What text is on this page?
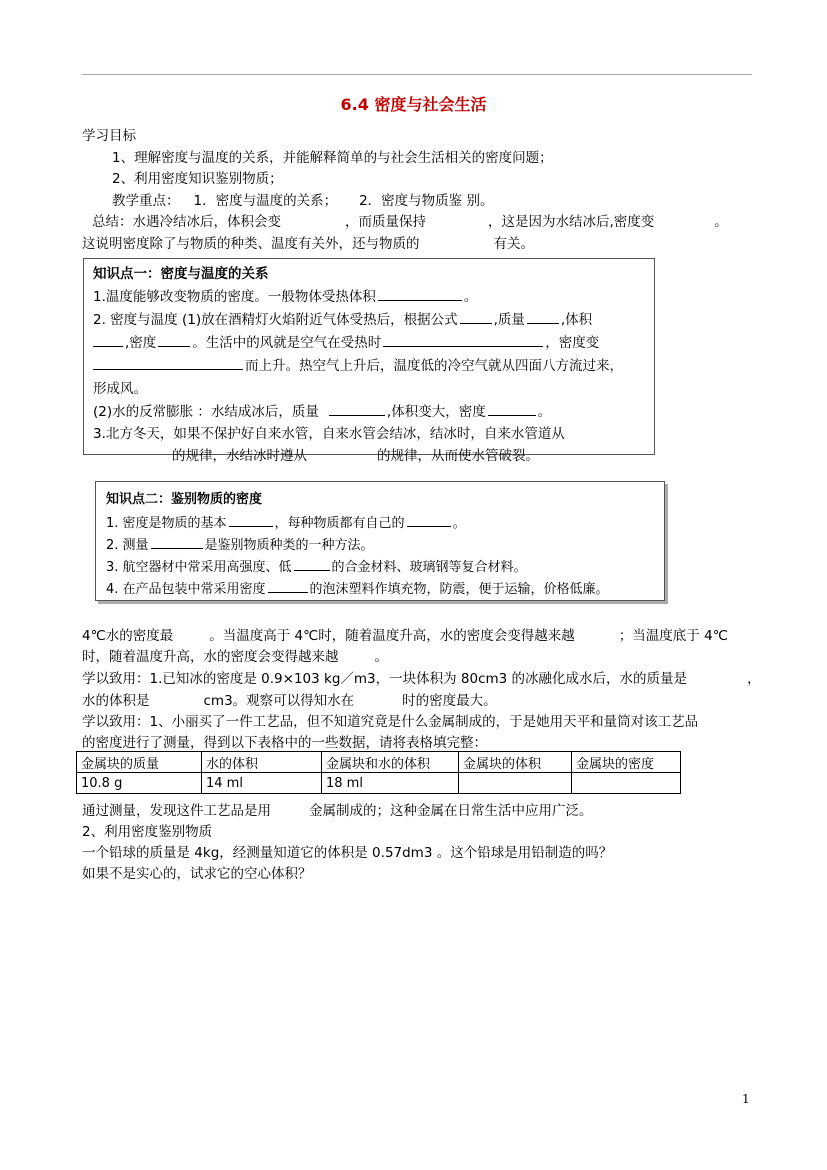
6.4 密度与社会生活
学习目标
1、理解密度与温度的关系，并能解释简单的与社会生活相关的密度问题；
2、利用密度知识鉴别物质；
教学重点： 1．密度与温度的关系； 2．密度与物质鉴 别。
总结：水遇冷结冰后，体积会变	，而质量保持	，这是因为水结冰后,密度变	。
这说明密度除了与物质的种类、温度有关外，还与物质的	有关。
知识点一：密度与温度的关系
1.温度能够改变物质的密度。一般物体受热体积	。
2. 密度与温度 (1)放在酒精灯火焰附近气体受热后，根据公式	,质量	,体积
,密度	。生活中的风就是空气在受热时	，密度变
而上升。热空气上升后，温度低的冷空气就从四面八方流过来，
形成风。
(2)水的反常膨胀 ：水结成冰后，质量	,体积变大，密度	。
3.北方冬天，如果不保护好自来水管，自来水管会结冰，结冰时，自来水管道从
的规律，水结冰时遵从	的规律，从而使水管破裂。
知识点二：鉴别物质的密度
1. 密度是物质的基本	，每种物质都有自己的	。
2. 测量	是鉴别物质种类的一种方法。
3. 航空器材中常采用高强度、低	的合金材料、玻璃钢等复合材料。
4. 在产品包装中常采用密度	的泡沫塑料作填充物，防震，便于运输，价格低廉。
4℃水的密度最	。当温度高于 4℃时，随着温度升高，水的密度会变得越来越	；当温度底于 4℃
时，随着温度升高，水的密度会变得越来越	。
学以致用：1.已知冰的密度是 0.9×103 kg／m3，一块体积为 80cm3 的冰融化成水后，水的质量是	，
水的体积是	cm3。观察可以得知水在	时的密度最大。
学以致用：1、小丽买了一件工艺品，但不知道究竟是什么金属制成的，于是她用天平和量筒对该工艺品
的密度进行了测量，得到以下表格中的一些数据，请将表格填完整：
金属块的质量	水的体积	金属块和水的体积	金属块的体积	金属块的密度
10.8 g	14 ml	18 ml		
通过测量，发现这件工艺品是用	金属制成的；这种金属在日常生活中应用广泛。
2、利用密度鉴别物质
一个铅球的质量是 4kg，经测量知道它的体积是 0.57dm3 。这个铅球是用铅制造的吗？
如果不是实心的，试求它的空心体积？
1
